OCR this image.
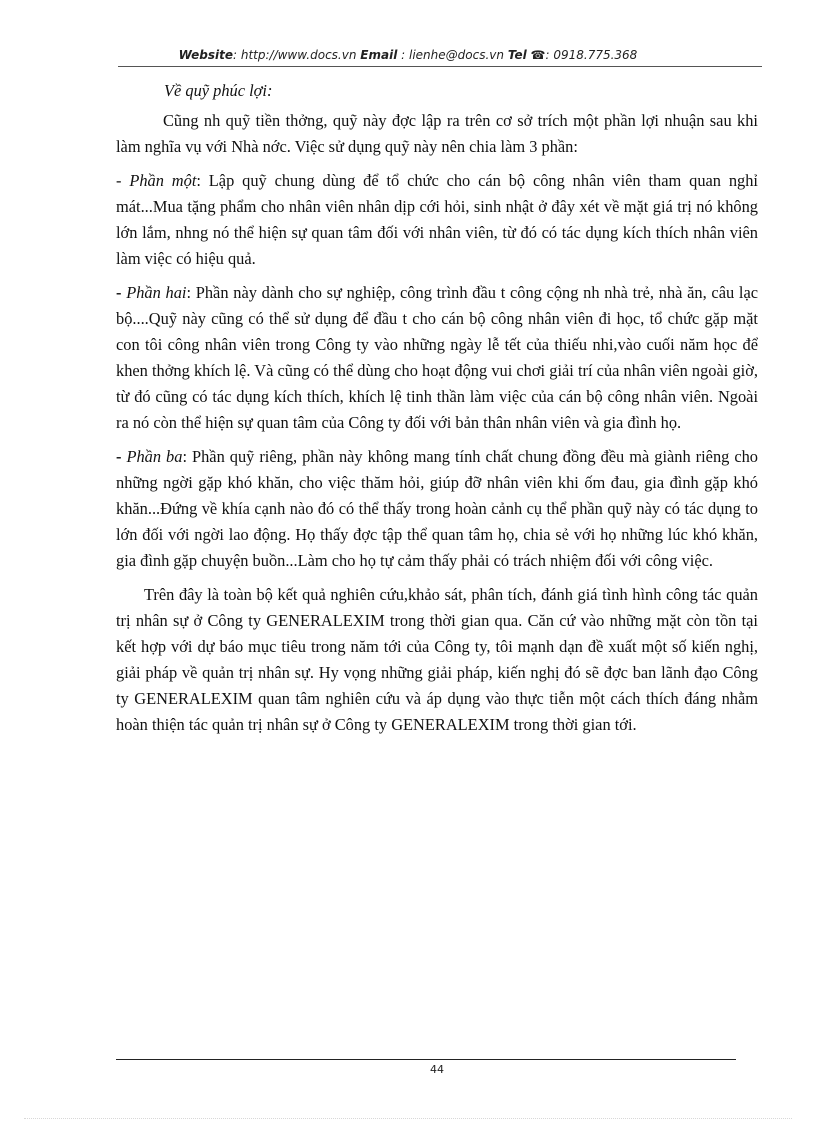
Website: http://www.docs.vn Email : lienhe@docs.vn Tel ☎: 0918.775.368

Về quỹ phúc lợi:

Cũng nh quỹ tiền thởng, quỹ này đợc lập ra trên cơ sở trích một phần lợi nhuận sau khi làm nghĩa vụ với Nhà nớc. Việc sử dụng quỹ này nên chia làm 3 phần:

- Phần một: Lập quỹ chung dùng để tổ chức cho cán bộ công nhân viên tham quan nghỉ mát...Mua tặng phẩm cho nhân viên nhân dịp cới hỏi, sinh nhật ở đây xét về mặt giá trị nó không lớn lắm, nhng nó thể hiện sự quan tâm đối với nhân viên, từ đó có tác dụng kích thích nhân viên làm việc có hiệu quả.

- Phần hai: Phần này dành cho sự nghiệp, công trình đầu t công cộng nh nhà trẻ, nhà ăn, câu lạc bộ....Quỹ này cũng có thể sử dụng để đầu t cho cán bộ công nhân viên đi học, tổ chức gặp mặt con tôi công nhân viên trong Công ty vào những ngày lễ tết của thiếu nhi,vào cuối năm học để khen thởng khích lệ. Và cũng có thể dùng cho hoạt động vui chơi giải trí của nhân viên ngoài giờ, từ đó cũng có tác dụng kích thích, khích lệ tinh thần làm việc của cán bộ công nhân viên. Ngoài ra nó còn thể hiện sự quan tâm của Công ty đối với bản thân nhân viên và gia đình họ.

- Phần ba: Phần quỹ riêng, phần này không mang tính chất chung đồng đều mà giành riêng cho những ngời gặp khó khăn, cho việc thăm hỏi, giúp đỡ nhân viên khi ốm đau, gia đình gặp khó khăn...Đứng về khía cạnh nào đó có thể thấy trong hoàn cảnh cụ thể phần quỹ này có tác dụng to lớn đối với ngời lao động. Họ thấy đợc tập thể quan tâm họ, chia sẻ với họ những lúc khó khăn, gia đình gặp chuyện buồn...Làm cho họ tự cảm thấy phải có trách nhiệm đối với công việc.

Trên đây là toàn bộ kết quả nghiên cứu,khảo sát, phân tích, đánh giá tình hình công tác quản trị nhân sự ở Công ty GENERALEXIM trong thời gian qua. Căn cứ vào những mặt còn tồn tại kết hợp với dự báo mục tiêu trong năm tới của Công ty, tôi mạnh dạn đề xuất một số kiến nghị, giải pháp về quản trị nhân sự. Hy vọng những giải pháp, kiến nghị đó sẽ đợc ban lãnh đạo Công ty GENERALEXIM quan tâm nghiên cứu và áp dụng vào thực tiễn một cách thích đáng nhằm hoàn thiện tác quản trị nhân sự ở Công ty GENERALEXIM trong thời gian tới.

44
